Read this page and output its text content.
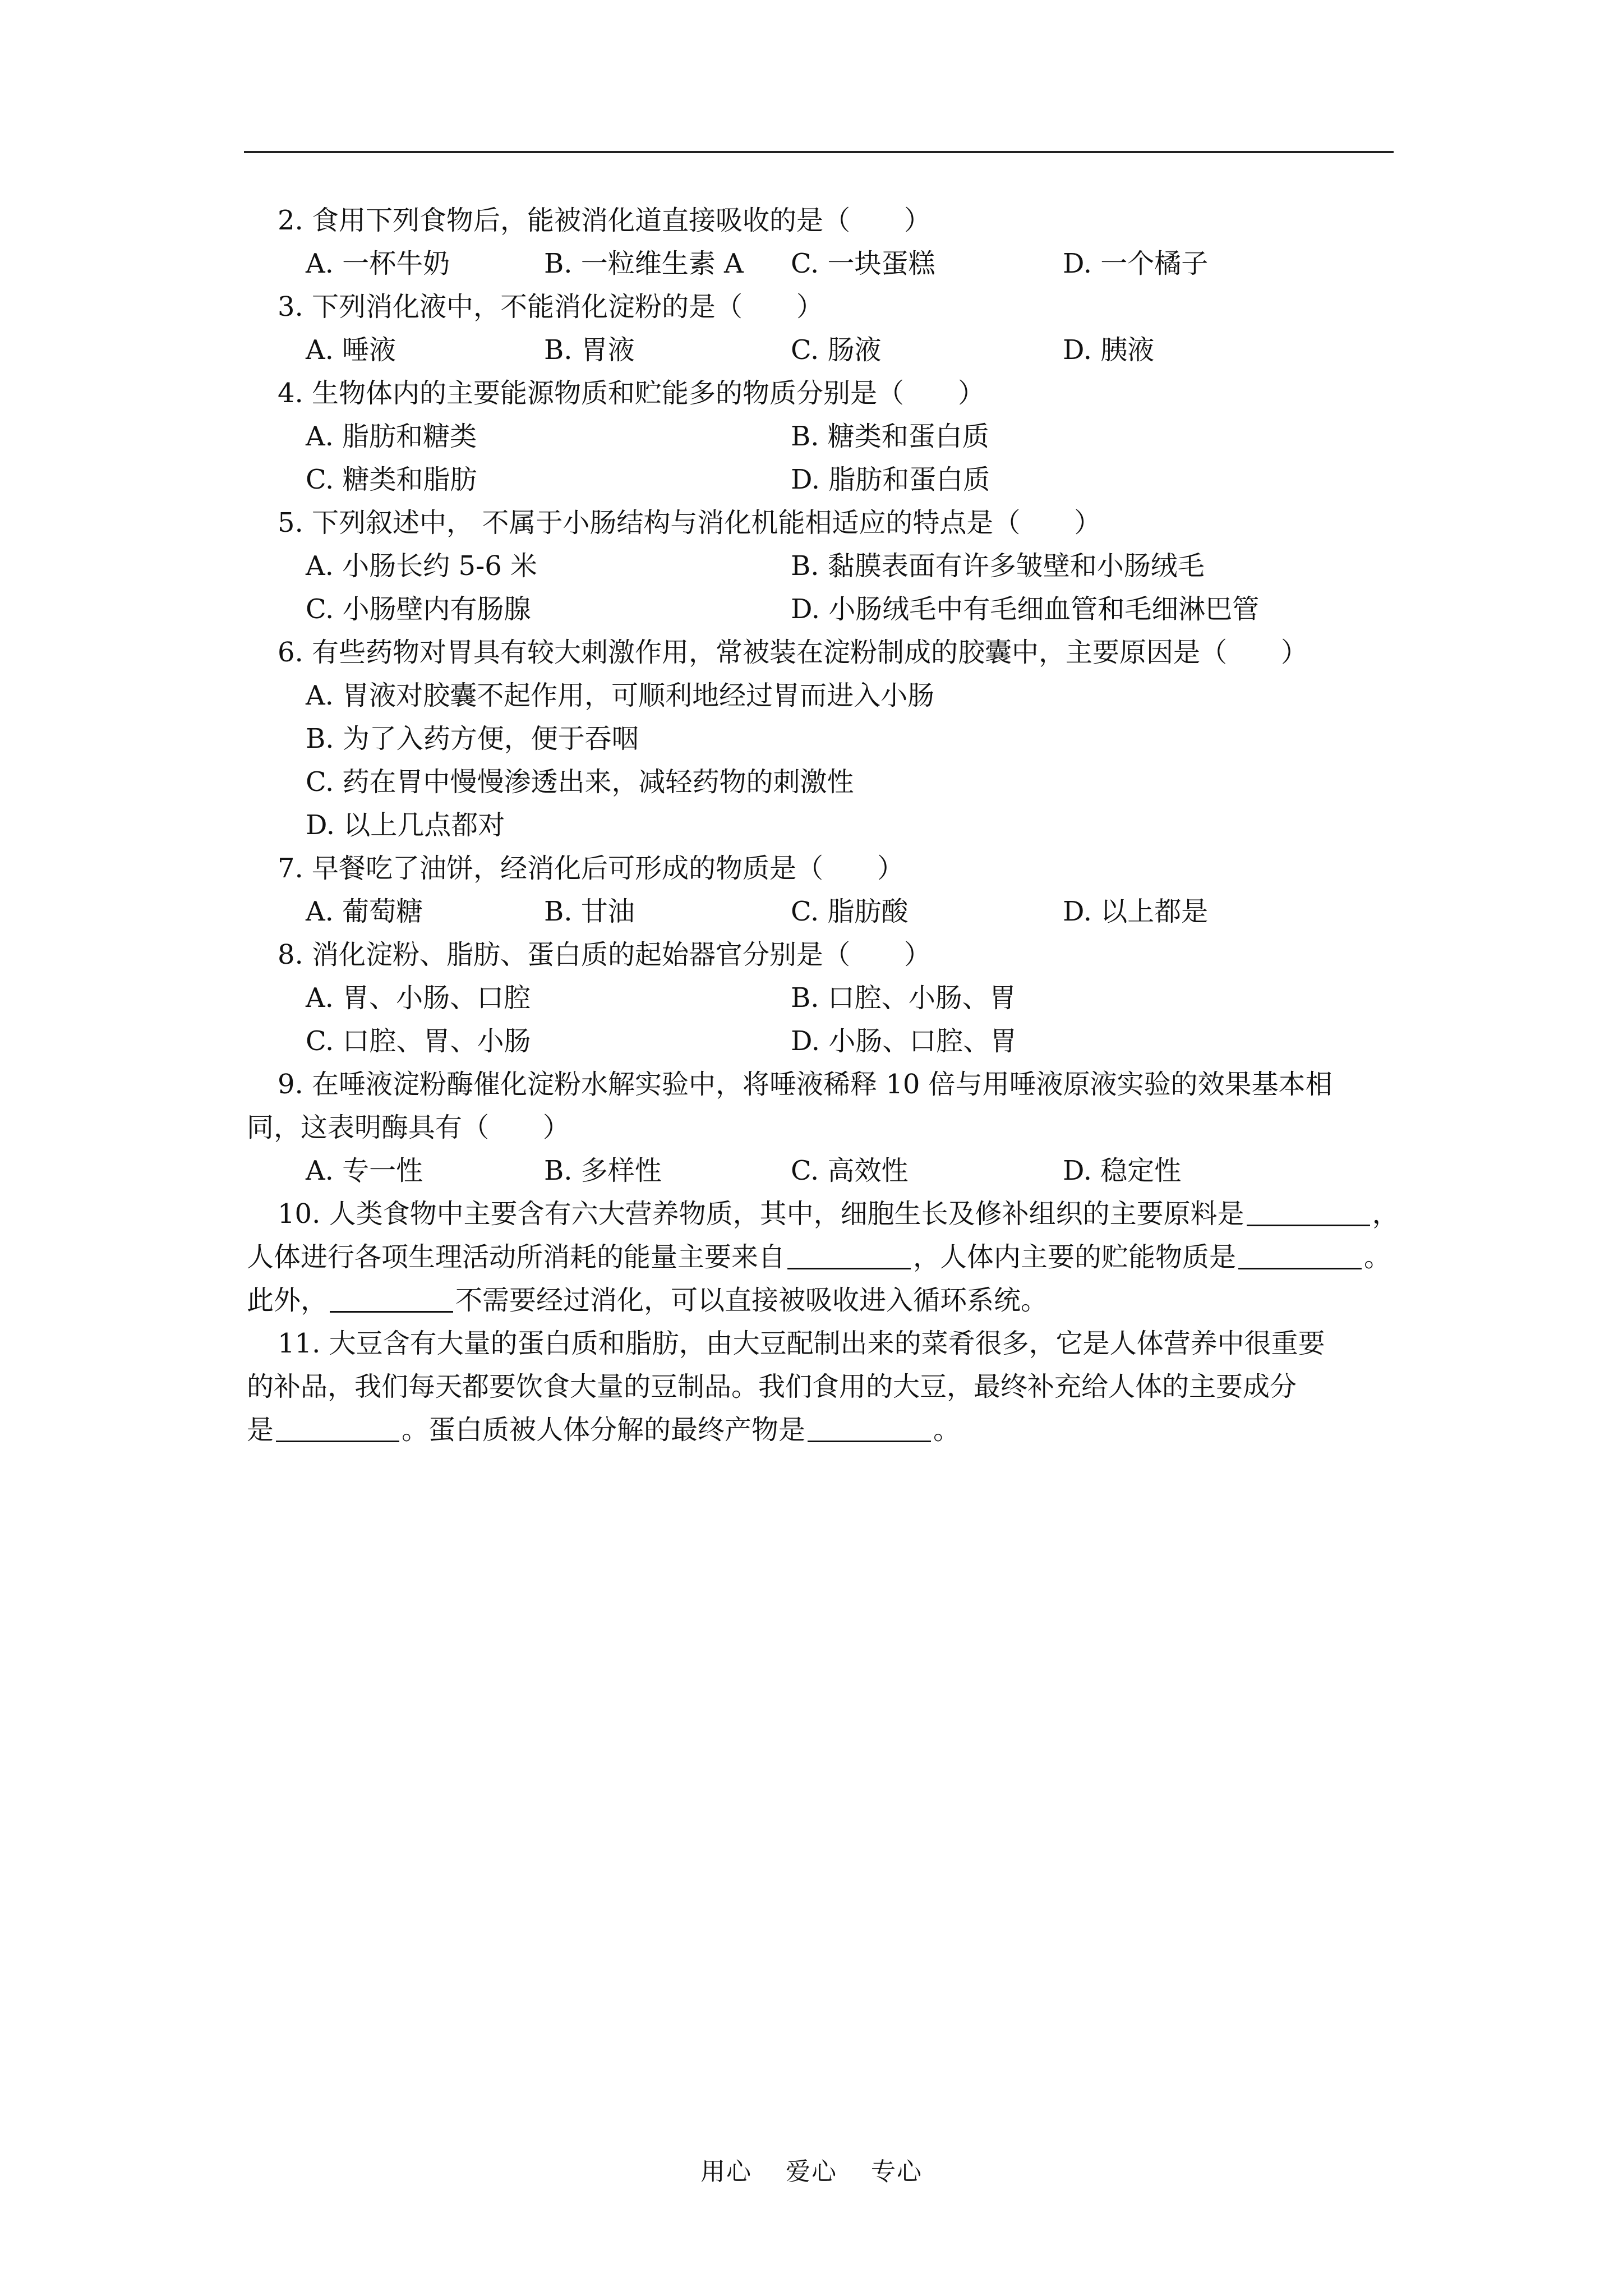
2. 食用下列食物后，能被消化道直接吸收的是（　　）
A. 一杯牛奶	B. 一粒维生素 A C. 一块蛋糕	D. 一个橘子
3. 下列消化液中，不能消化淀粉的是（　　）
A. 唾液	B. 胃液	C. 肠液	D. 胰液
4. 生物体内的主要能源物质和贮能多的物质分别是（　　）
A. 脂肪和糖类	B. 糖类和蛋白质
C. 糖类和脂肪	D. 脂肪和蛋白质
5. 下列叙述中， 不属于小肠结构与消化机能相适应的特点是（　　）
A. 小肠长约 5-6 米	B. 黏膜表面有许多皱壁和小肠绒毛
C. 小肠壁内有肠腺	D. 小肠绒毛中有毛细血管和毛细淋巴管
6. 有些药物对胃具有较大刺激作用，常被装在淀粉制成的胶囊中，主要原因是（　　）
A. 胃液对胶囊不起作用，可顺利地经过胃而进入小肠
B. 为了入药方便，便于吞咽
C. 药在胃中慢慢渗透出来，减轻药物的刺激性
D. 以上几点都对
7. 早餐吃了油饼，经消化后可形成的物质是（　　）
A. 葡萄糖	B. 甘油	C. 脂肪酸	D. 以上都是
8. 消化淀粉、脂肪、蛋白质的起始器官分别是（　　）
A. 胃、小肠、口腔	B. 口腔、小肠、胃
C. 口腔、胃、小肠	D. 小肠、口腔、胃
9. 在唾液淀粉酶催化淀粉水解实验中，将唾液稀释 10 倍与用唾液原液实验的效果基本相
同，这表明酶具有（　　）
A. 专一性	B. 多样性	C. 高效性	D. 稳定性
10. 人类食物中主要含有六大营养物质，其中，细胞生长及修补组织的主要原料是	，
人体进行各项生理活动所消耗的能量主要来自	，人体内主要的贮能物质是	。
此外，	不需要经过消化，可以直接被吸收进入循环系统。
11. 大豆含有大量的蛋白质和脂肪，由大豆配制出来的菜肴很多，它是人体营养中很重要
的补品，我们每天都要饮食大量的豆制品。我们食用的大豆，最终补充给人体的主要成分
是	。蛋白质被人体分解的最终产物是	。
用心 爱心 专心
